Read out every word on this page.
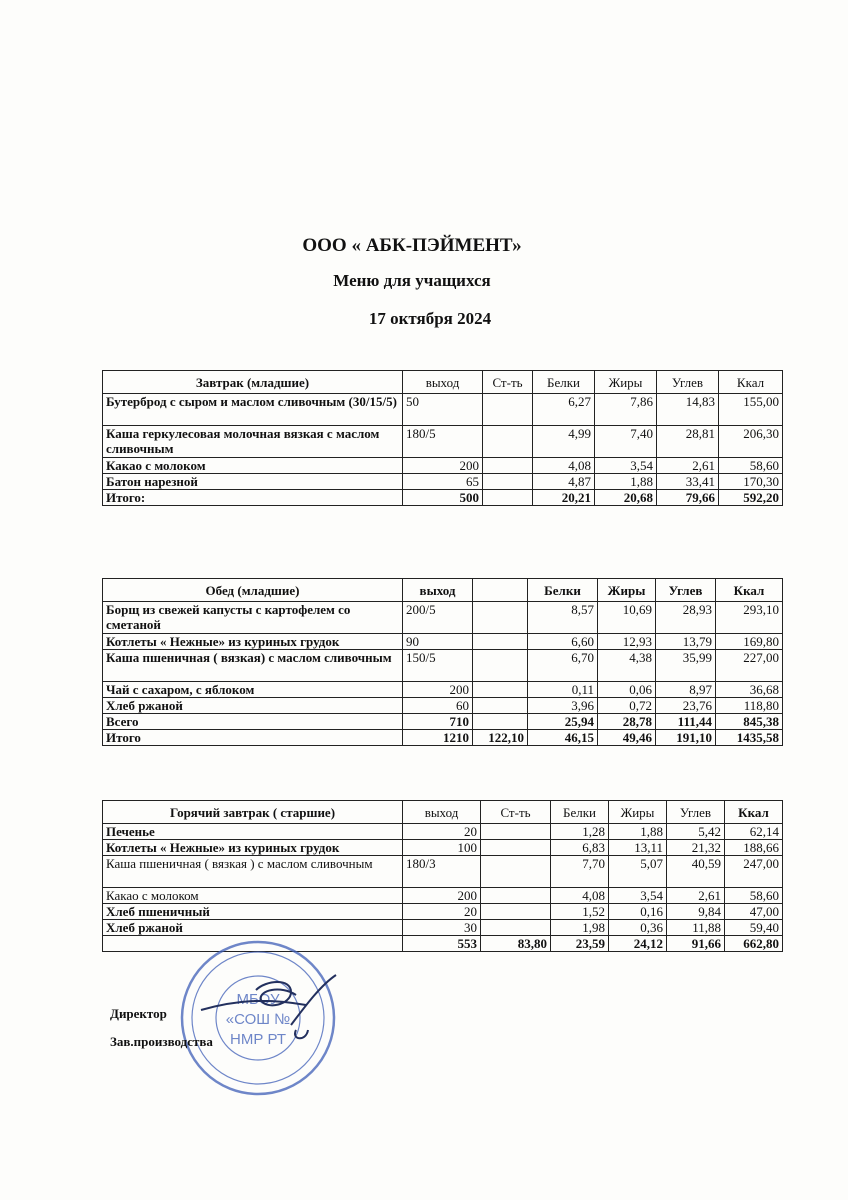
ООО « АБК-ПЭЙМЕНТ»
Меню для учащихся
17 октября 2024
Завтрак (младшие)	выход	Ст-ть	Белки	Жиры	Углев	Ккал
Бутерброд с сыром и маслом сливочным (30/15/5)	50		6,27	7,86	14,83	155,00
Каша геркулесовая молочная вязкая с маслом сливочным	180/5		4,99	7,40	28,81	206,30
Какао с молоком	200		4,08	3,54	2,61	58,60
Батон нарезной	65		4,87	1,88	33,41	170,30
Итого:	500		20,21	20,68	79,66	592,20
Обед (младшие)	выход		Белки	Жиры	Углев	Ккал
Борщ из свежей капусты с картофелем со сметаной	200/5		8,57	10,69	28,93	293,10
Котлеты « Нежные» из куриных грудок	90		6,60	12,93	13,79	169,80
Каша пшеничная ( вязкая) с маслом сливочным	150/5		6,70	4,38	35,99	227,00
Чай с сахаром, с яблоком	200		0,11	0,06	8,97	36,68
Хлеб ржаной	60		3,96	0,72	23,76	118,80
Всего	710		25,94	28,78	111,44	845,38
Итого	1210	122,10	46,15	49,46	191,10	1435,58
Горячий завтрак ( старшие)	выход	Ст-ть	Белки	Жиры	Углев	Ккал
Печенье	20		1,28	1,88	5,42	62,14
Котлеты « Нежные» из куриных грудок	100		6,83	13,11	21,32	188,66
Каша пшеничная ( вязкая ) с маслом сливочным	180/3		7,70	5,07	40,59	247,00
Какао с молоком	200		4,08	3,54	2,61	58,60
Хлеб пшеничный	20		1,52	0,16	9,84	47,00
Хлеб ржаной	30		1,98	0,36	11,88	59,40
	553	83,80	23,59	24,12	91,66	662,80
МБОУ
«СОШ №
НМР РТ
Директор
Зав.производства
